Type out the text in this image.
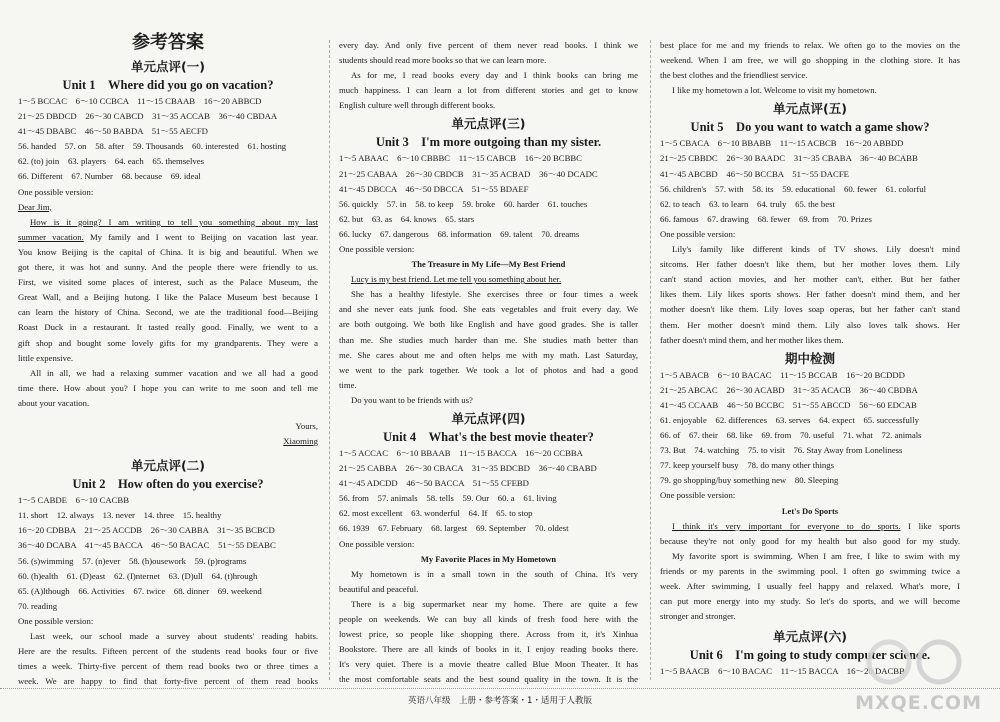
参考答案
单元点评(一)
Unit 1　Where did you go on vacation?
1～5 BCCAC　6～10 CCBCA　11～15 CBAAB　16～20 ABBCD
21～25 DBDCD　26～30 CABCD　31～35 ACCAB　36～40 CBDAA
41～45 DBABC　46～50 BABDA　51～55 AECFD
56. handed　57. on　58. after　59. Thousands　60. interested　61. hosting
62. (to) join　63. players　64. each　65. themselves
66. Different　67. Number　68. because　69. ideal
One possible version:
Dear Jim,
How is it going? I am writing to tell you something about my last
summer vacation. My family and I went to Beijing on vacation last year.
You know Beijing is the capital of China. It is big and beautiful. When we
got there, it was hot and sunny. And the people there were friendly to us.
First, we visited some places of interest, such as the Palace Museum, the
Great Wall, and a Beijing hutong. I like the Palace Museum best because I
can learn the history of China. Second, we ate the traditional food—Beijing
Roast Duck in a restaurant. It tasted really good. Finally, we went to a
gift shop and bought some lovely gifts for my grandparents. They were a
little expensive.
All in all, we had a relaxing summer vacation and we all had a good
time there. How about you? I hope you can write to me soon and tell me
about your vacation.
Yours,
Xiaoming
单元点评(二)
Unit 2　How often do you exercise?
1～5 CABDE　6～10 CACBB
11. short　12. always　13. never　14. three　15. healthy
16～20 CDBBA　21～25 ACCDB　26～30 CABBA　31～35 BCBCD
36～40 DCABA　41～45 BACCA　46～50 BACAC　51～55 DEABC
56. (s)wimming　57. (n)ever　58. (h)ousework　59. (p)rograms
60. (h)ealth　61. (D)east　62. (I)nternet　63. (D)ull　64. (t)hrough
65. (A)lthough　66. Activities　67. twice　68. dinner　69. weekend
70. reading
One possible version:
Last week, our school made a survey about students' reading habits.
Here are the results. Fifteen percent of the students read books four or five
times a week. Thirty-five percent of them read books two or three times a
week. We are happy to find that forty-five percent of them read books
every day. And only five percent of them never read books. I think we
students should read more books so that we can learn more.
As for me, I read books every day and I think books can bring me
much happiness. I can learn a lot from different stories and get to know
English culture well through different books.
单元点评(三)
Unit 3　I'm more outgoing than my sister.
1～5 ABAAC　6～10 CBBBC　11～15 CABCB　16～20 BCBBC
21～25 CABAA　26～30 CBDCB　31～35 ACBAD　36～40 DCADC
41～45 DBCCA　46～50 DBCCA　51～55 BDAEF
56. quickly　57. in　58. to keep　59. broke　60. harder　61. touches
62. but　63. as　64. knows　65. stars
66. lucky　67. dangerous　68. information　69. talent　70. dreams
One possible version:
The Treasure in My Life—My Best Friend
Lucy is my best friend. Let me tell you something about her.
She has a healthy lifestyle. She exercises three or four times a week
and she never eats junk food. She eats vegetables and fruit every day. We
are both outgoing. We both like English and have good grades. She is taller
than me. She studies much harder than me. She studies math better than
me. She cares about me and often helps me with my math. Last Saturday,
we went to the park together. We took a lot of photos and had a good
time.
Do you want to be friends with us?
单元点评(四)
Unit 4　What's the best movie theater?
1～5 ACCAC　6～10 BBAAB　11～15 BACCA　16～20 CCBBA
21～25 CABBA　26～30 CBACA　31～35 BDCBD　36～40 CBABD
41～45 ADCDD　46～50 BACCA　51～55 CFEBD
56. from　57. animals　58. tells　59. Our　60. a　61. living
62. most excellent　63. wonderful　64. If　65. to stop
66. 1939　67. February　68. largest　69. September　70. oldest
One possible version:
My Favorite Places in My Hometown
My hometown is in a small town in the south of China. It's very
beautiful and peaceful.
There is a big supermarket near my home. There are quite a few
people on weekends. We can buy all kinds of fresh food here with the
lowest price, so people like shopping there. Across from it, it's Xinhua
Bookstore. There are all kinds of books in it. I enjoy reading books there.
It's very quiet. There is a movie theatre called Blue Moon Theater. It has
the most comfortable seats and the best sound quality in the town. It is the
best place for me and my friends to relax. We often go to the movies on the
weekend. When I am free, we will go shopping in the clothing store. It has
the best clothes and the friendliest service.
I like my hometown a lot. Welcome to visit my hometown.
单元点评(五)
Unit 5　Do you want to watch a game show?
1～5 CBACA　6～10 BBABB　11～15 ACBCB　16～20 ABBDD
21～25 CBBDC　26～30 BAADC　31～35 CBABA　36～40 BCABB
41～45 ABCBD　46～50 BCCBA　51～55 DACFE
56. children's　57. with　58. its　59. educational　60. fewer　61. colorful
62. to teach　63. to learn　64. truly　65. the best
66. famous　67. drawing　68. fewer　69. from　70. Prizes
One possible version:
Lily's family like different kinds of TV shows. Lily doesn't mind
sitcoms. Her father doesn't like them, but her mother loves them. Lily
can't stand action movies, and her mother can't, either. But her father
likes them. Lily likes sports shows. Her father doesn't mind them, and her
mother doesn't like them. Lily loves soap operas, but her father can't stand
them. Her mother doesn't mind them. Lily also loves talk shows. Her
father doesn't mind them, and her mother likes them.
期中检测
1～5 ABACB　6～10 BACAC　11～15 BCCAB　16～20 BCDDD
21～25 ABCAC　26～30 ACABD　31～35 ACACB　36～40 CBDBA
41～45 CCAAB　46～50 BCCBC　51～55 ABCCD　56～60 EDCAB
61. enjoyable　62. differences　63. serves　64. expect　65. successfully
66. of　67. their　68. like　69. from　70. useful　71. what　72. animals
73. But　74. watching　75. to visit　76. Stay Away from Loneliness
77. keep yourself busy　78. do many other things
79. go shopping/buy something new　80. Sleeping
One possible version:
Let's Do Sports
I think it's very important for everyone to do sports. I like sports
because they're not only good for my health but also good for my study.
My favorite sport is swimming. When I am free, I like to swim with my
friends or my parents in the swimming pool. I often go swimming twice a
week. After swimming, I usually feel happy and relaxed. What's more, I
can put more energy into my study. So let's do sports, and we will become
stronger and stronger.
单元点评(六)
Unit 6　I'm going to study computer science.
1～5 BAACB　6～10 BACAC　11～15 BACCA　16～20 DACBB
英语八年级　上册・参考答案・1・适用于人教版	MXQE.COM
